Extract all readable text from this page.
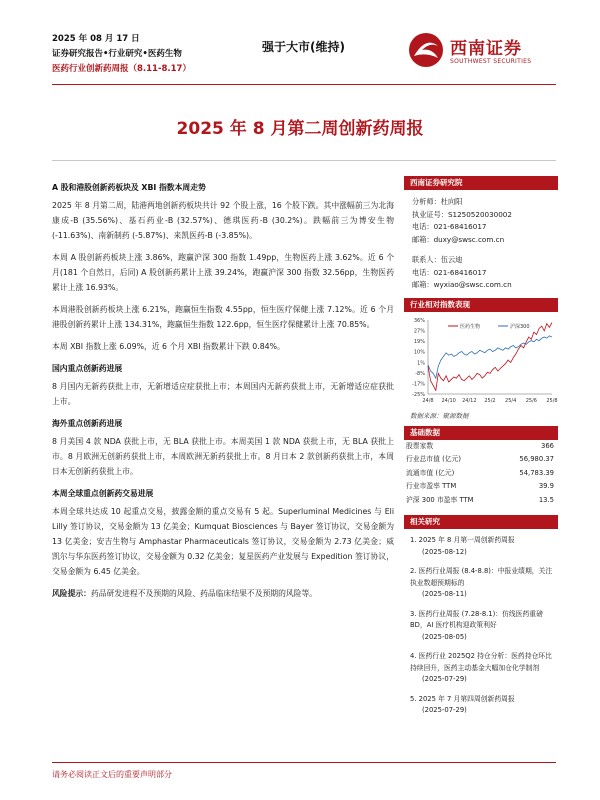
2025 年 08 月 17 日
证券研究报告•行业研究•医药生物
医药行业创新药周报（8.11-8.17）
强于大市(维持)	西南证券
SOUTHWEST SECURITIES
2025 年 8 月第二周创新药周报
A 股和港股创新药板块及 XBI 指数本周走势
2025 年 8 月第二周，陆港两地创新药板块共计 92 个股上涨，16 个股下跌。其中涨幅前三为北海康成-B (35.56%)、基石药业-B (32.57%)、德琪医药-B (30.2%)。跌幅前三为博安生物 (-11.63%)、南新制药 (-5.87%)、来凯医药-B (-3.85%)。
本周 A 股创新药板块上涨 3.86%，跑赢沪深 300 指数 1.49pp，生物医药上涨 3.62%。近 6 个月(181 个自然日，后同) A 股创新药累计上涨 39.24%，跑赢沪深 300 指数 32.56pp，生物医药累计上涨 16.93%。
本周港股创新药板块上涨 6.21%，跑赢恒生指数 4.55pp，恒生医疗保健上涨 7.12%。近 6 个月港股创新药累计上涨 134.31%，跑赢恒生指数 122.6pp，恒生医疗保健累计上涨 70.85%。
本周 XBI 指数上涨 6.09%，近 6 个月 XBI 指数累计下跌 0.84%。
国内重点创新药进展
8 月国内无新药获批上市，无新增适应症获批上市；本周国内无新药获批上市，无新增适应症获批上市。
海外重点创新药进展
8 月美国 4 款 NDA 获批上市，无 BLA 获批上市。本周美国 1 款 NDA 获批上市，无 BLA 获批上市。8 月欧洲无创新药获批上市，本周欧洲无新药获批上市。8 月日本 2 款创新药获批上市，本周日本无创新药获批上市。
本周全球重点创新药交易进展
本周全球共达成 10 起重点交易，披露金额的重点交易有 5 起。Superluminal Medicines 与 Eli Lilly 签订协议，交易金额为 13 亿美金；Kumquat Biosciences 与 Bayer 签订协议，交易金额为 13 亿美金；安吉生物与 Amphastar Pharmaceuticals 签订协议，交易金额为 2.73 亿美金；威凯尔与华东医药签订协议，交易金额为 0.32 亿美金；复星医药产业发展与 Expedition 签订协议，交易金额为 6.45 亿美金。
风险提示：药品研发进程不及预期的风险、药品临床结果不及预期的风险等。
西南证券研究院
分析师：杜向阳
执业证号：S1250520030002
电话：021-68416017
邮箱：duxy@swsc.com.cn
联系人：伍云迪
电话：021-68416017
邮箱：wyxiao@swsc.com.cn
行业相对指数表现
36%
27%
19%
10%
1%
-8%
-17%
-25%
24/8 24/10 24/12 25/2 25/4 25/6 25/8
医药生物	沪深300
数据来源：聚源数据
基础数据
股票家数	366
行业总市值 (亿元)	56,980.37
流通市值 (亿元)	54,783.39
行业市盈率 TTM	39.9
沪深 300 市盈率 TTM	13.5
相关研究
1. 2025 年 8 月第一周创新药周报
(2025-08-12)
2. 医药行业周报 (8.4-8.8)：中报业绩期，关注执业数超预期标的
(2025-08-11)
3. 医药行业周报 (7.28-8.1)：仿线医药重磅 BD，AI 医疗机构迎政策利好
(2025-08-05)
4. 医药行业 2025Q2 持仓分析：医药持仓环比持续回升，医药主动基金大幅加仓化学制剂
(2025-07-29)
5. 2025 年 7 月第四周创新药周报
(2025-07-29)
请务必阅读正文后的重要声明部分
